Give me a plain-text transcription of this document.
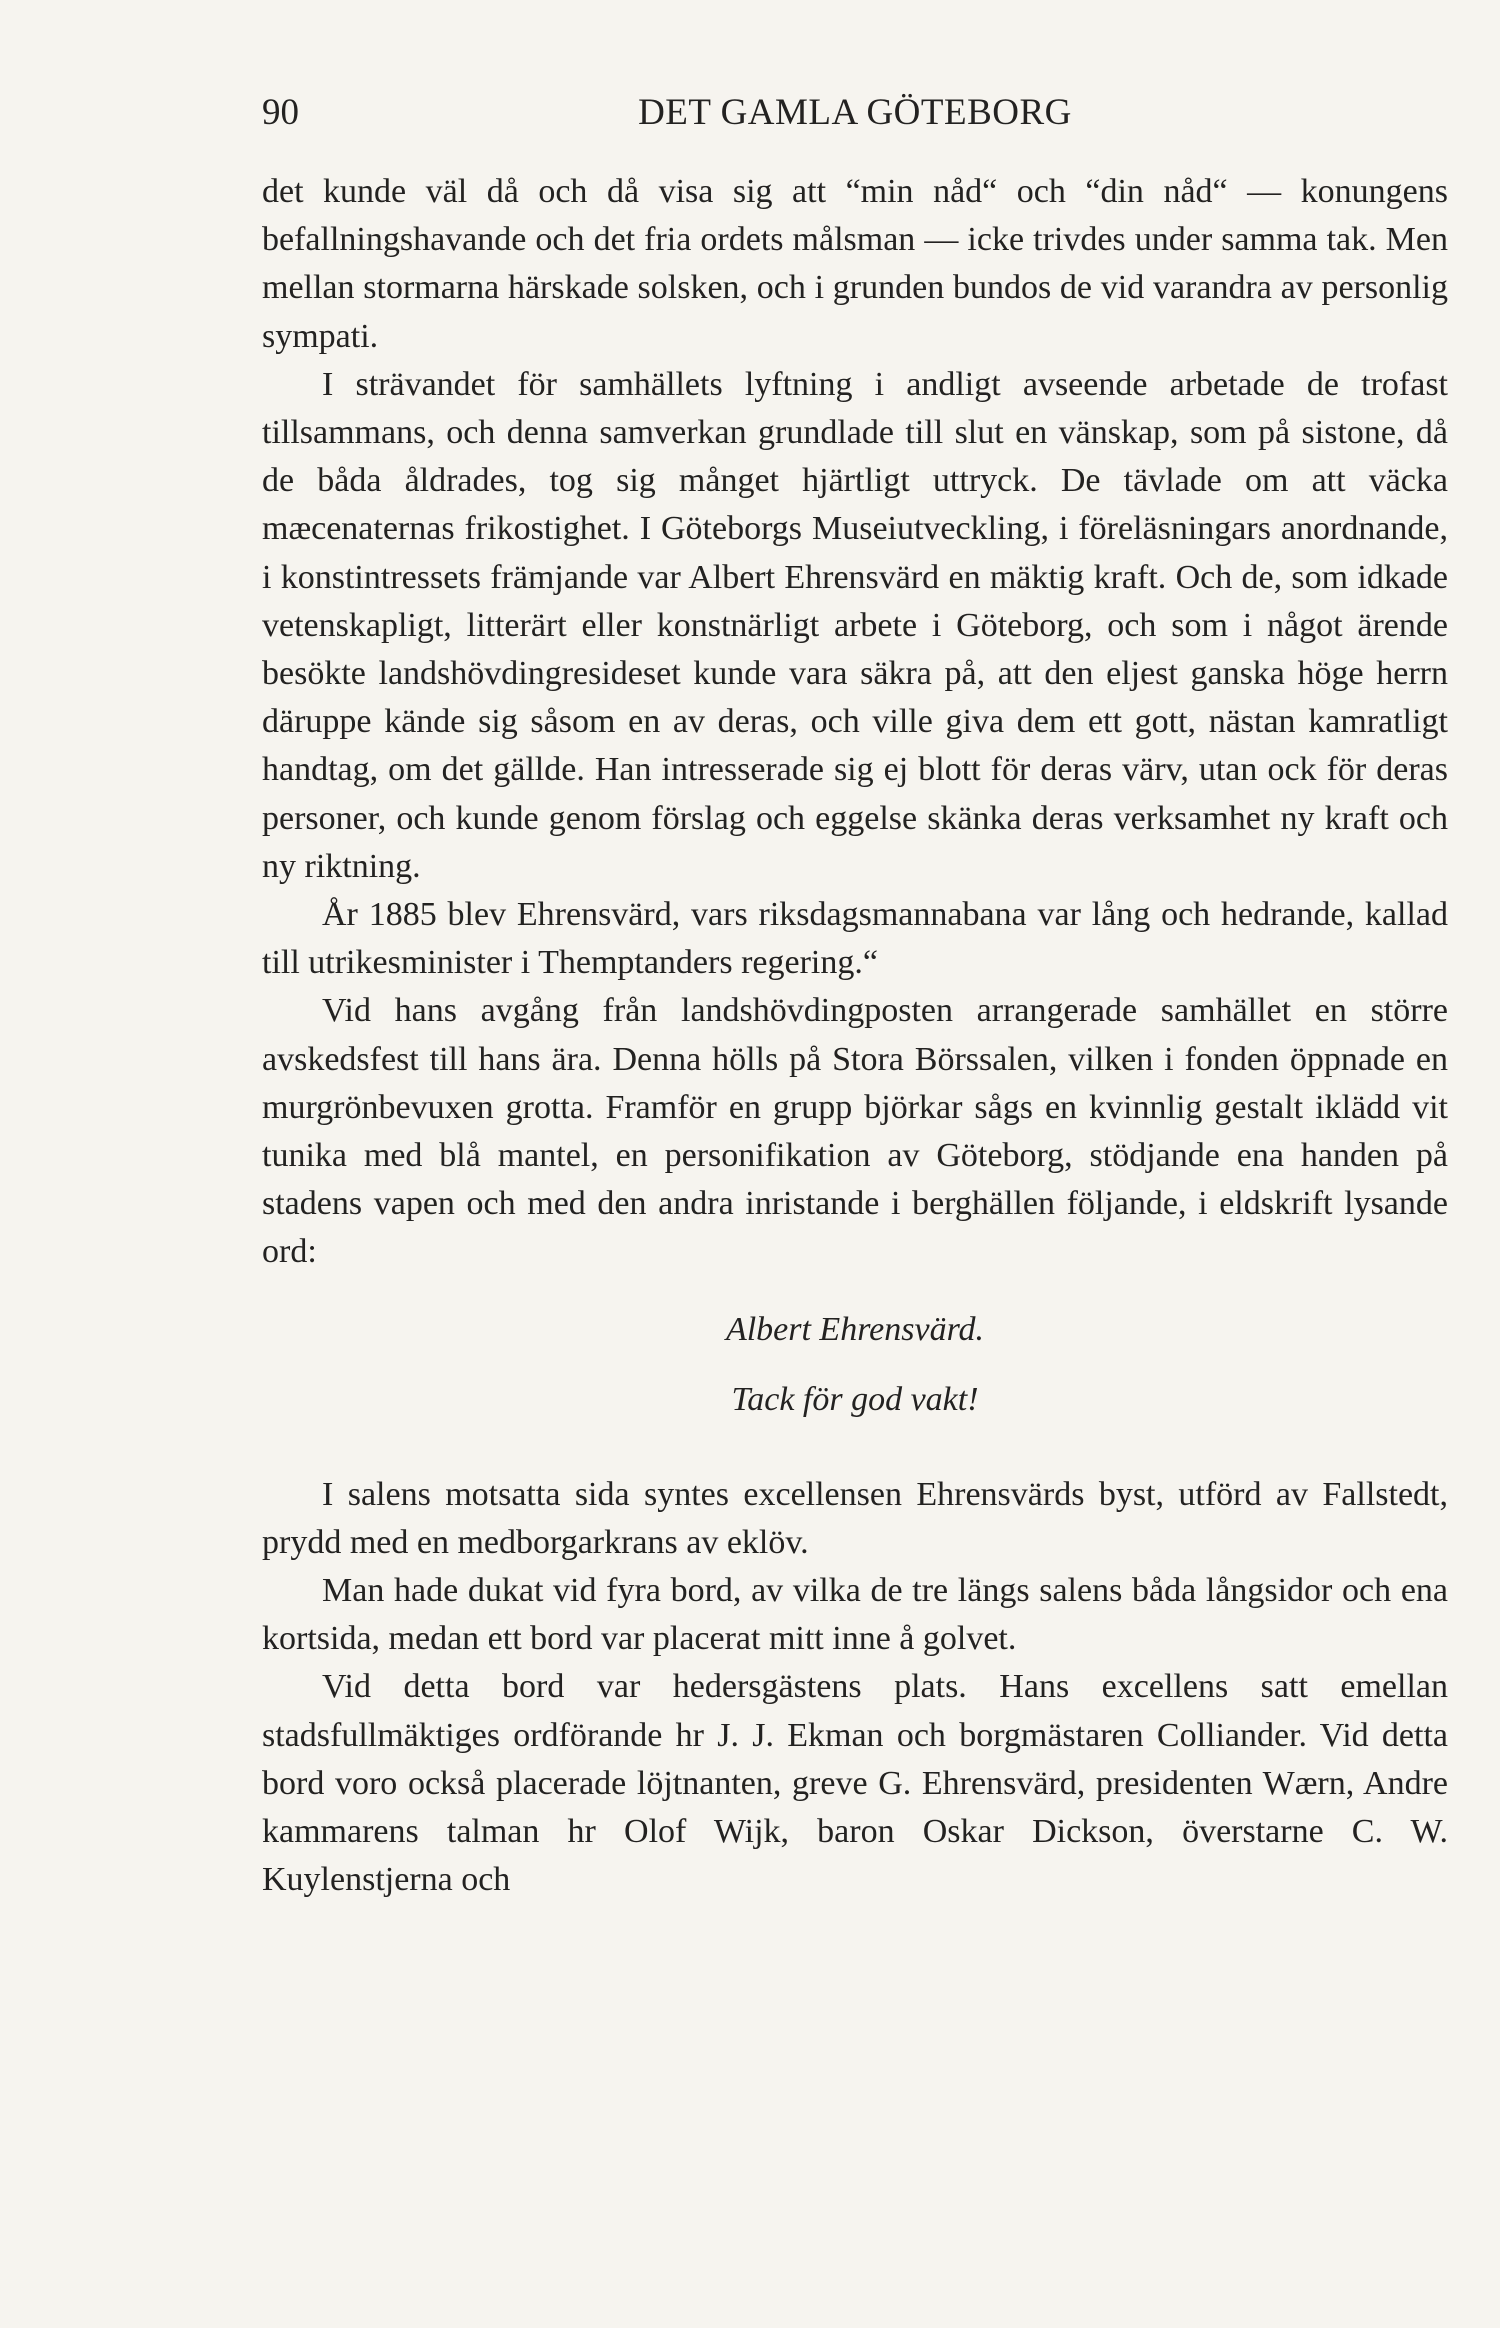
90	DET GAMLA GÖTEBORG

det kunde väl då och då visa sig att “min nåd“ och “din nåd“ — konungens befallningshavande och det fria ordets målsman — icke trivdes under samma tak. Men mellan stormarna härskade solsken, och i grunden bundos de vid varandra av personlig sympati.

I strävandet för samhällets lyftning i andligt avseende arbetade de trofast tillsammans, och denna samverkan grundlade till slut en vänskap, som på sistone, då de båda åldrades, tog sig månget hjärtligt uttryck. De tävlade om att väcka mæcenaternas frikostighet. I Göteborgs Museiutveckling, i föreläsningars anordnande, i konstintressets främjande var Albert Ehrensvärd en mäktig kraft. Och de, som idkade vetenskapligt, litterärt eller konstnärligt arbete i Göteborg, och som i något ärende besökte landshövdingresideset kunde vara säkra på, att den eljest ganska höge herrn däruppe kände sig såsom en av deras, och ville giva dem ett gott, nästan kamratligt handtag, om det gällde. Han intresserade sig ej blott för deras värv, utan ock för deras personer, och kunde genom förslag och eggelse skänka deras verksamhet ny kraft och ny riktning.

År 1885 blev Ehrensvärd, vars riksdagsmannabana var lång och hedrande, kallad till utrikesminister i Themptanders regering.“

Vid hans avgång från landshövdingposten arrangerade samhället en större avskedsfest till hans ära. Denna hölls på Stora Börssalen, vilken i fonden öppnade en murgrönbevuxen grotta. Framför en grupp björkar sågs en kvinnlig gestalt iklädd vit tunika med blå mantel, en personifikation av Göteborg, stödjande ena handen på stadens vapen och med den andra inristande i berghällen följande, i eldskrift lysande ord:

Albert Ehrensvärd.
Tack för god vakt!

I salens motsatta sida syntes excellensen Ehrensvärds byst, utförd av Fallstedt, prydd med en medborgarkrans av eklöv.

Man hade dukat vid fyra bord, av vilka de tre längs salens båda långsidor och ena kortsida, medan ett bord var placerat mitt inne å golvet.

Vid detta bord var hedersgästens plats. Hans excellens satt emellan stadsfullmäktiges ordförande hr J. J. Ekman och borgmästaren Colliander. Vid detta bord voro också placerade löjtnanten, greve G. Ehrensvärd, presidenten Wærn, Andre kammarens talman hr Olof Wijk, baron Oskar Dickson, överstarne C. W. Kuylenstjerna och
